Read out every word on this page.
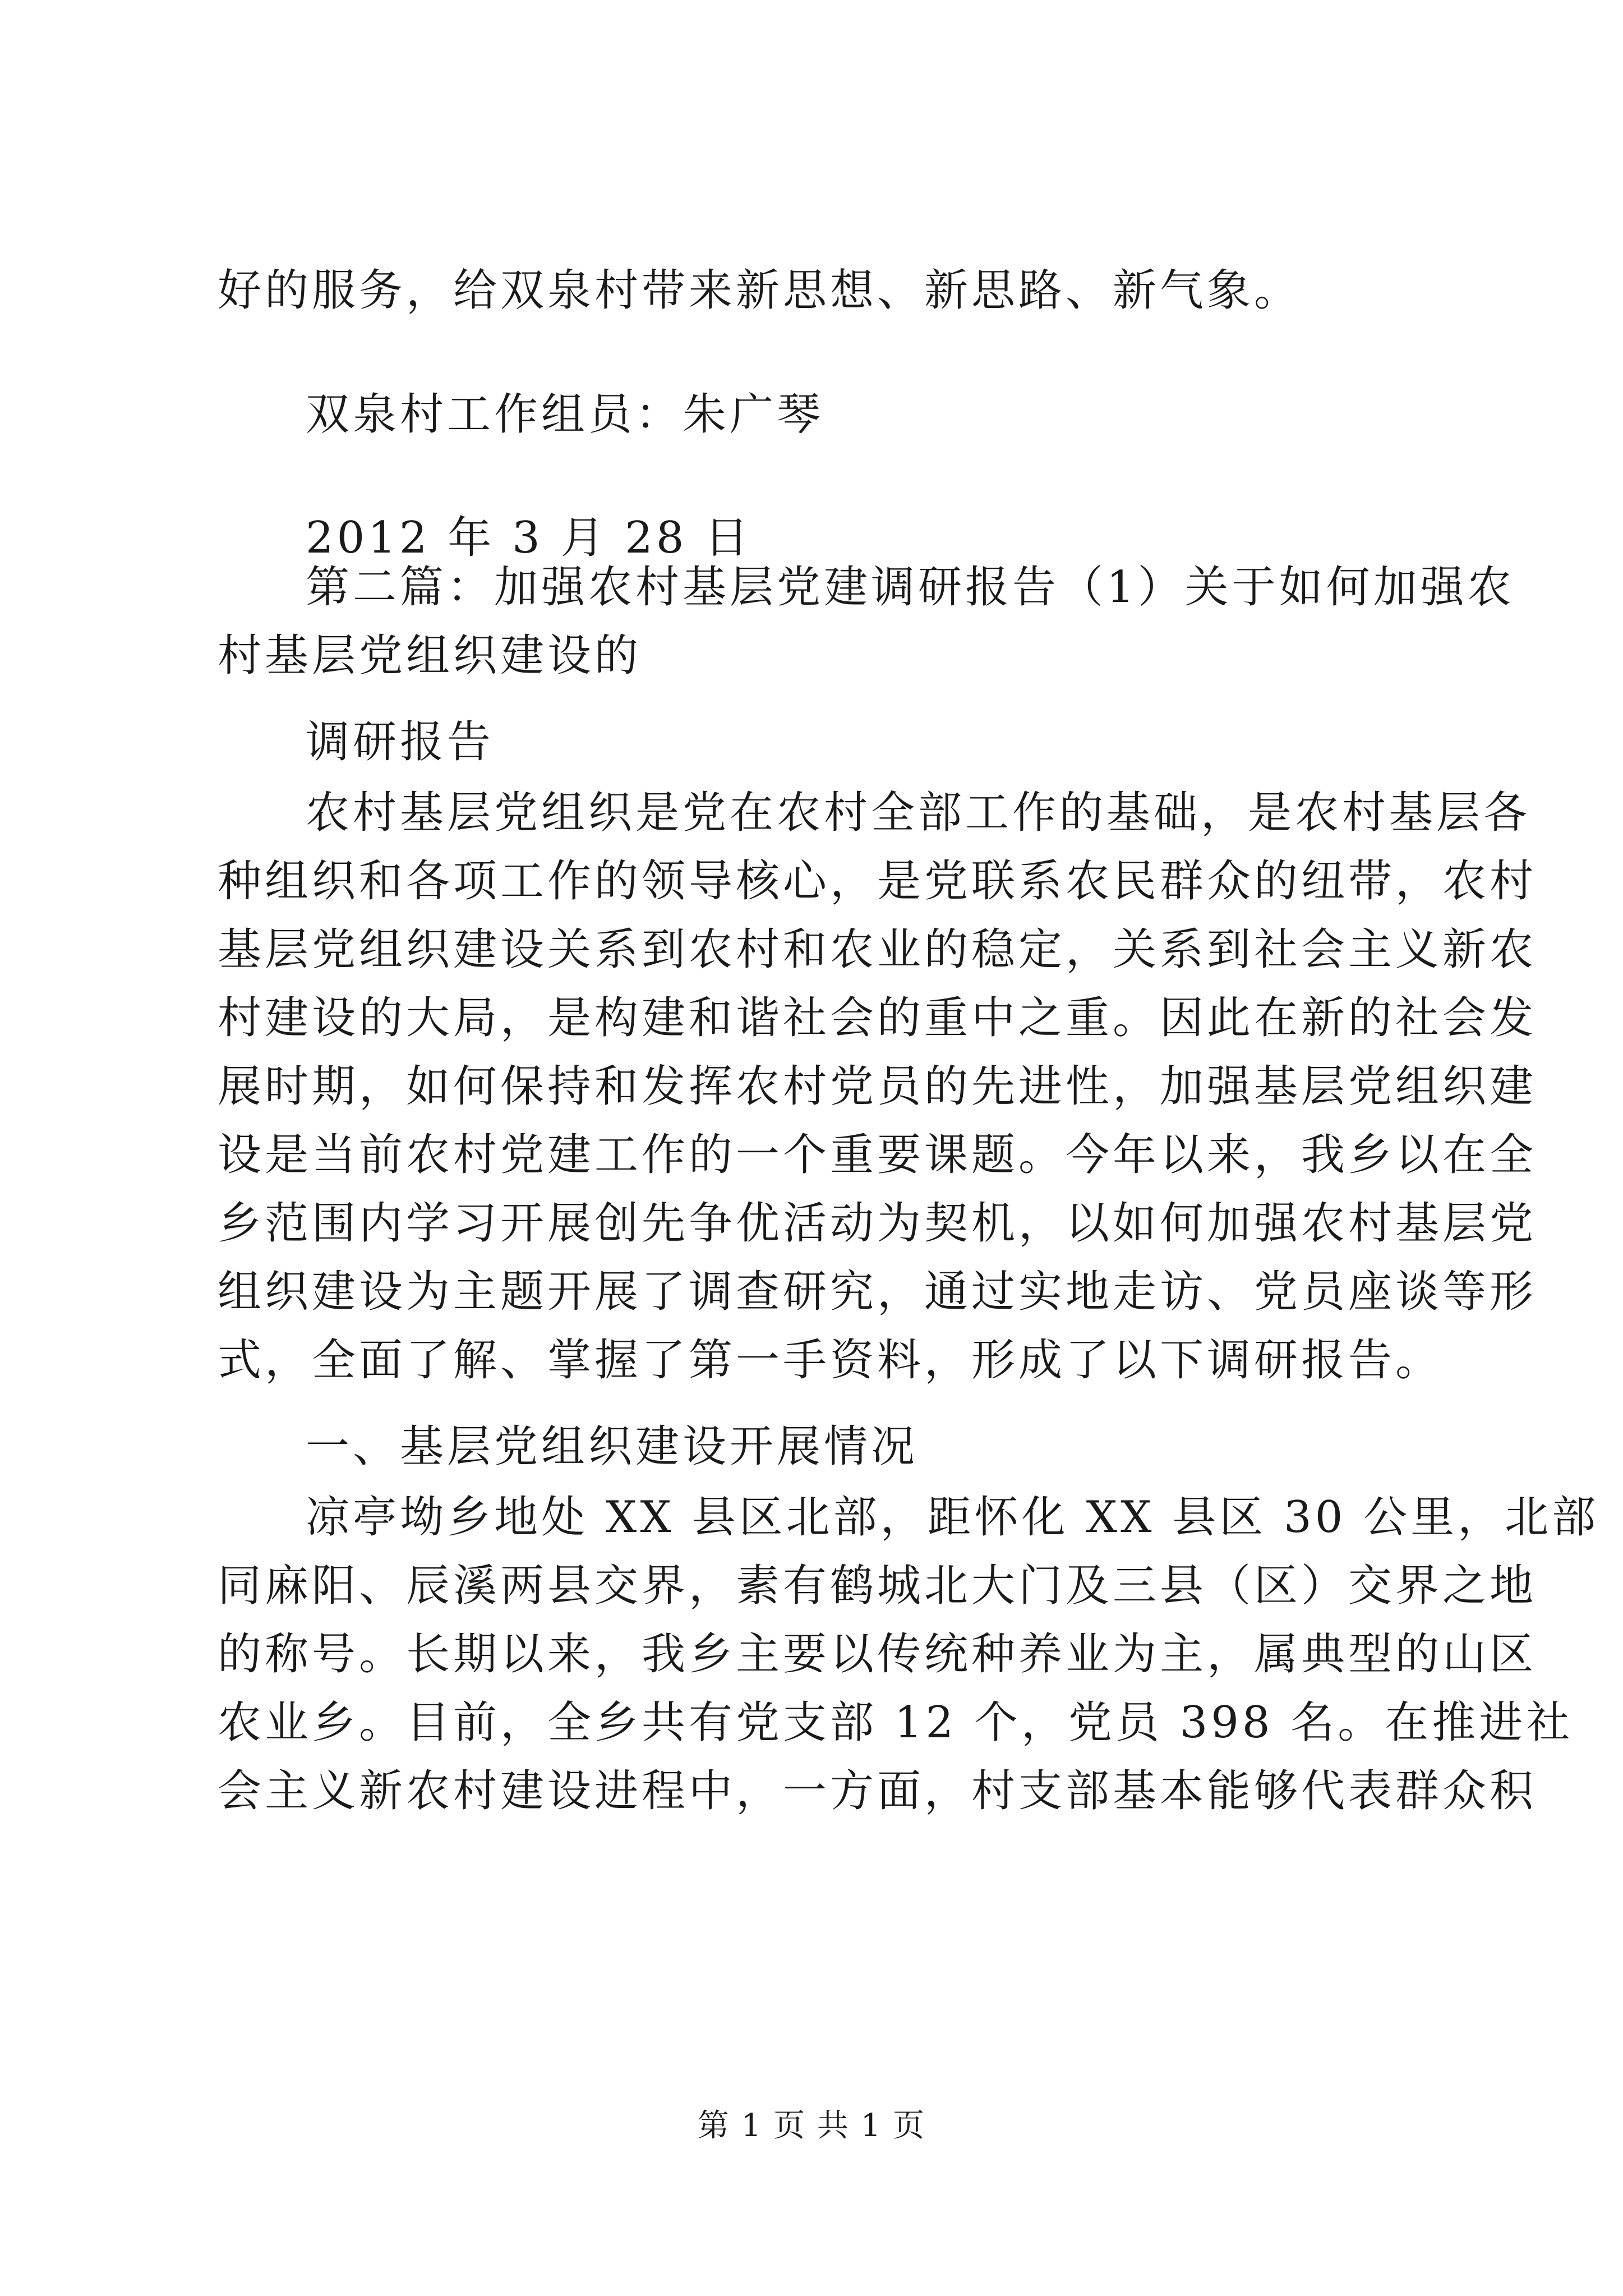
好的服务，给双泉村带来新思想、新思路、新气象。
双泉村工作组员：朱广琴
2012 年 3 月 28 日
第二篇：加强农村基层党建调研报告（1）关于如何加强农
村基层党组织建设的
调研报告
农村基层党组织是党在农村全部工作的基础，是农村基层各
种组织和各项工作的领导核心，是党联系农民群众的纽带，农村
基层党组织建设关系到农村和农业的稳定，关系到社会主义新农
村建设的大局，是构建和谐社会的重中之重。因此在新的社会发
展时期，如何保持和发挥农村党员的先进性，加强基层党组织建
设是当前农村党建工作的一个重要课题。今年以来，我乡以在全
乡范围内学习开展创先争优活动为契机，以如何加强农村基层党
组织建设为主题开展了调查研究，通过实地走访、党员座谈等形
式，全面了解、掌握了第一手资料，形成了以下调研报告。
一、基层党组织建设开展情况
凉亭坳乡地处 XX 县区北部，距怀化 XX 县区 30 公里，北部
同麻阳、辰溪两县交界，素有鹤城北大门及三县（区）交界之地
的称号。长期以来，我乡主要以传统种养业为主，属典型的山区
农业乡。目前，全乡共有党支部 12 个，党员 398 名。在推进社
会主义新农村建设进程中，一方面，村支部基本能够代表群众积
第 1 页 共 1 页
